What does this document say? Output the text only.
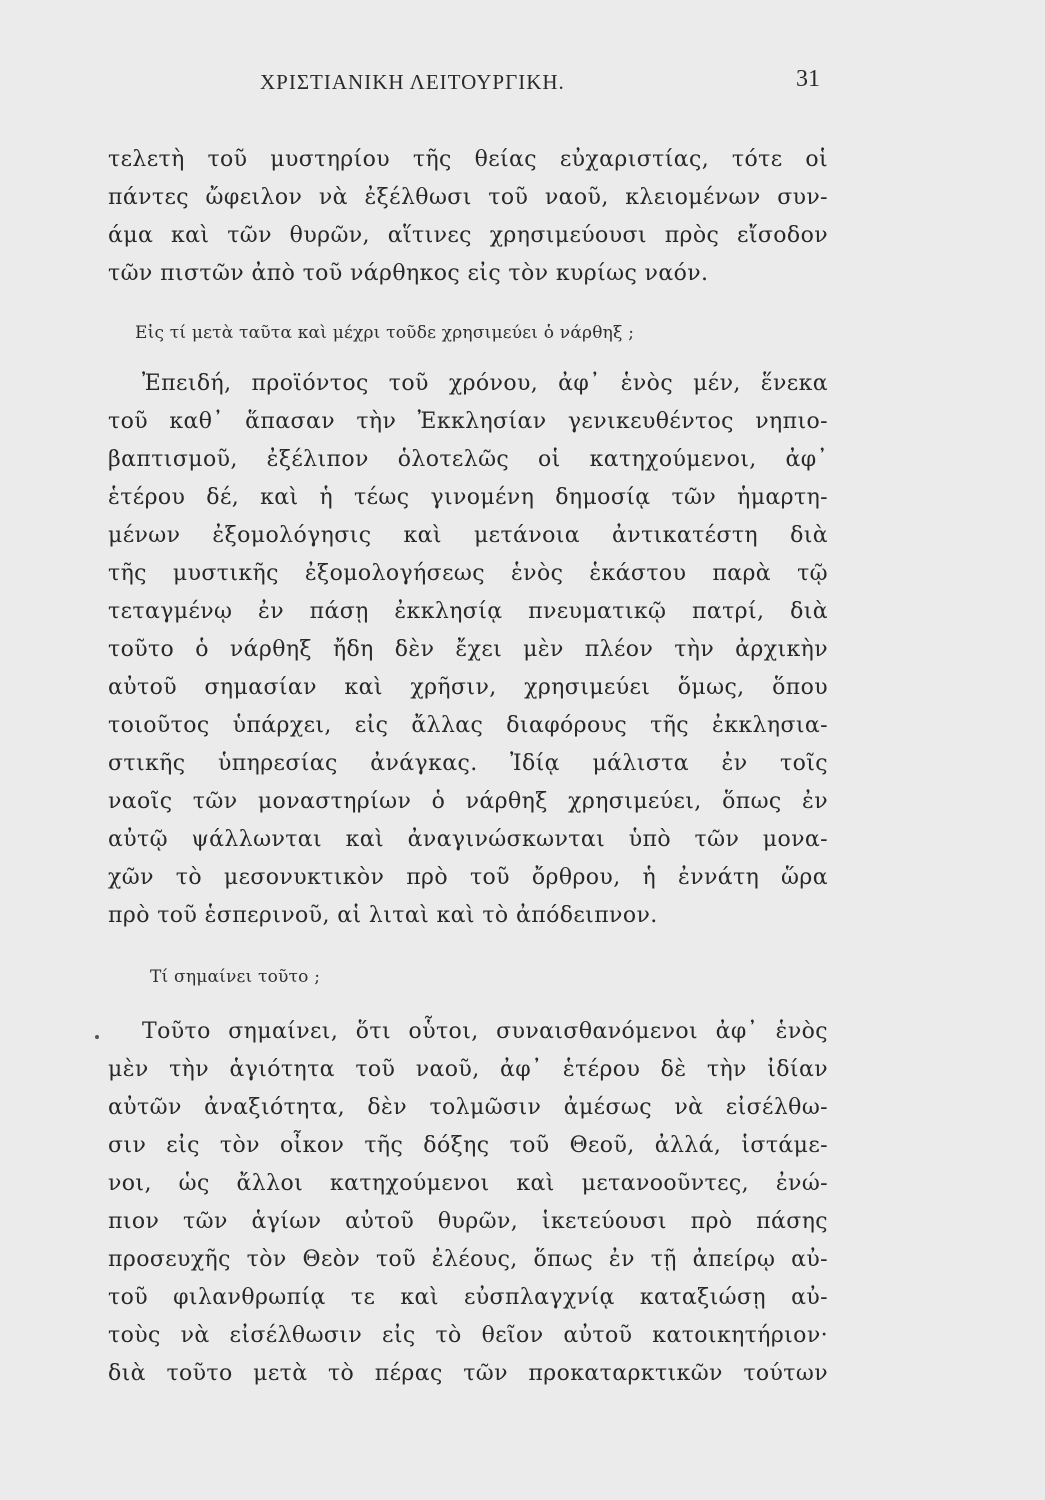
ΧΡΙΣΤΙΑΝΙΚΗ ΛΕΙΤΟΥΡΓΙΚΗ.	31
τελετὴ τοῦ μυστηρίου τῆς θείας εὐχαριστίας, τότε οἱ
πάντες ὤφειλον νὰ ἐξέλθωσι τοῦ ναοῦ, κλειομένων συν-
άμα καὶ τῶν θυρῶν, αἵτινες χρησιμεύουσι πρὸς εἴσοδον
τῶν πιστῶν ἀπὸ τοῦ νάρθηκος εἰς τὸν κυρίως ναόν.
Εἰς τί μετὰ ταῦτα καὶ μέχρι τοῦδε χρησιμεύει ὁ νάρθηξ ;
Ἐπειδή, προϊόντος τοῦ χρόνου, ἀφ᾽ ἑνὸς μέν, ἕνεκα
τοῦ καθ᾽ ἅπασαν τὴν Ἐκκλησίαν γενικευθέντος νηπιο-
βαπτισμοῦ, ἐξέλιπον ὁλοτελῶς οἱ κατηχούμενοι, ἀφ᾽
ἑτέρου δέ, καὶ ἡ τέως γινομένη δημοσίᾳ τῶν ἡμαρτη-
μένων ἐξομολόγησις καὶ μετάνοια ἀντικατέστη διὰ
τῆς μυστικῆς ἐξομολογήσεως ἑνὸς ἑκάστου παρὰ τῷ
τεταγμένῳ ἐν πάσῃ ἐκκλησίᾳ πνευματικῷ πατρί, διὰ
τοῦτο ὁ νάρθηξ ἤδη δὲν ἔχει μὲν πλέον τὴν ἀρχικὴν
αὐτοῦ σημασίαν καὶ χρῆσιν, χρησιμεύει ὅμως, ὅπου
τοιοῦτος ὑπάρχει, εἰς ἄλλας διαφόρους τῆς ἐκκλησια-
στικῆς ὑπηρεσίας ἀνάγκας. Ἰδίᾳ μάλιστα ἐν τοῖς
ναοῖς τῶν μοναστηρίων ὁ νάρθηξ χρησιμεύει, ὅπως ἐν
αὐτῷ ψάλλωνται καὶ ἀναγινώσκωνται ὑπὸ τῶν μονα-
χῶν τὸ μεσονυκτικὸν πρὸ τοῦ ὄρθρου, ἡ ἐννάτη ὥρα
πρὸ τοῦ ἑσπερινοῦ, αἱ λιταὶ καὶ τὸ ἀπόδειπνον.
Τί σημαίνει τοῦτο ;
Τοῦτο σημαίνει, ὅτι οὗτοι, συναισθανόμενοι ἀφ᾽ ἑνὸς
μὲν τὴν ἁγιότητα τοῦ ναοῦ, ἀφ᾽ ἑτέρου δὲ τὴν ἰδίαν
αὐτῶν ἀναξιότητα, δὲν τολμῶσιν ἀμέσως νὰ εἰσέλθω-
σιν εἰς τὸν οἶκον τῆς δόξης τοῦ Θεοῦ, ἀλλά, ἱστάμε-
νοι, ὡς ἄλλοι κατηχούμενοι καὶ μετανοοῦντες, ἐνώ-
πιον τῶν ἁγίων αὐτοῦ θυρῶν, ἱκετεύουσι πρὸ πάσης
προσευχῆς τὸν Θεὸν τοῦ ἐλέους, ὅπως ἐν τῇ ἀπείρῳ αὐ-
τοῦ φιλανθρωπίᾳ τε καὶ εὐσπλαγχνίᾳ καταξιώσῃ αὐ-
τοὺς νὰ εἰσέλθωσιν εἰς τὸ θεῖον αὐτοῦ κατοικητήριον·
διὰ τοῦτο μετὰ τὸ πέρας τῶν προκαταρκτικῶν τούτων
